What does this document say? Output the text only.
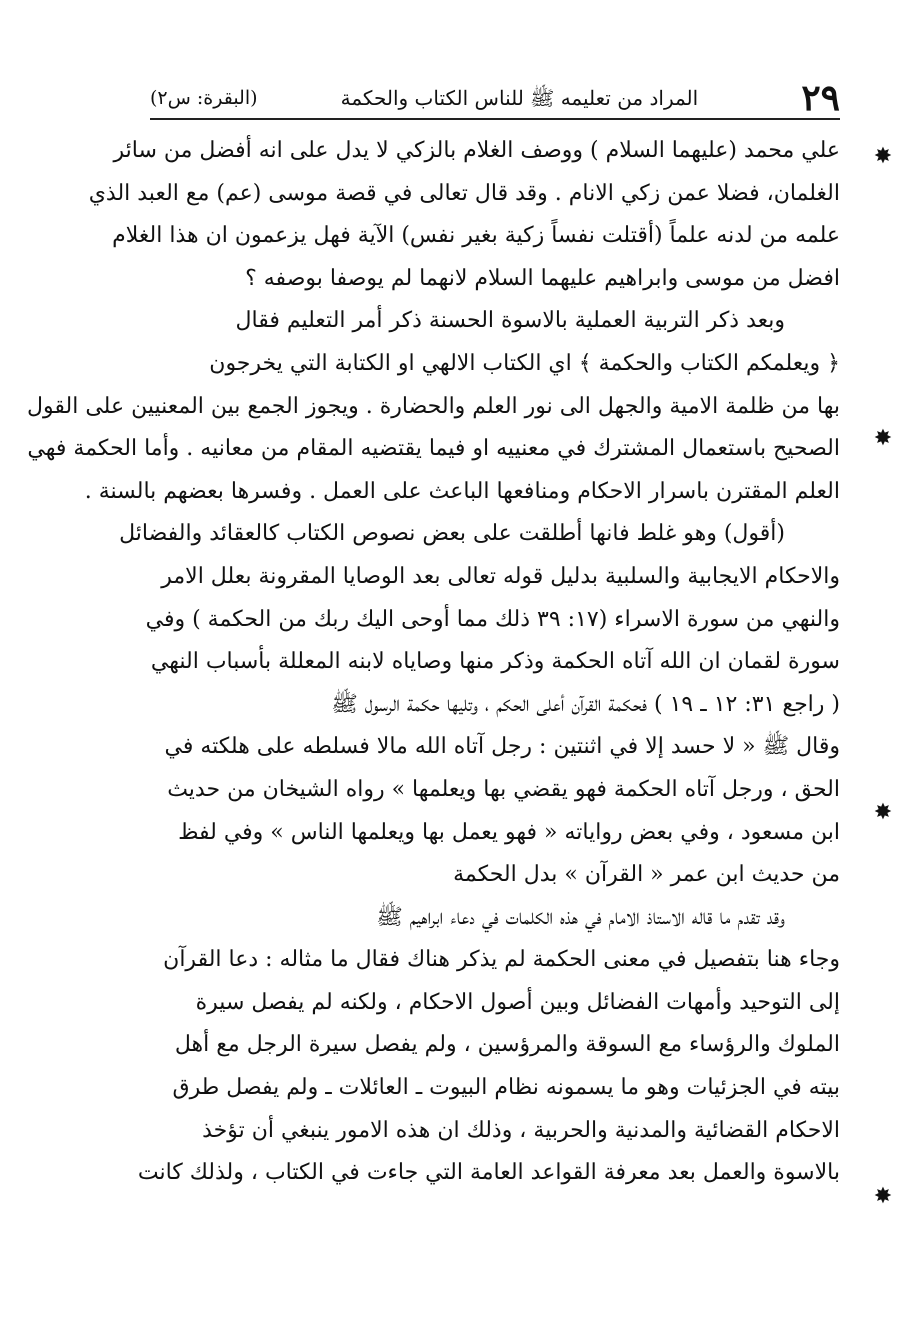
٢٩
المراد من تعليمه ﷺ للناس الكتاب والحكمة
(البقرة: س٢)
علي محمد (عليهما السلام ) ووصف الغلام بالزكي لا يدل على انه أفضل من سائر
الغلمان، فضلا عمن زكي الانام . وقد قال تعالى في قصة موسى (عم) مع العبد الذي
علمه من لدنه علماً (أقتلت نفساً زكية بغير نفس) الآية فهل يزعمون ان هذا الغلام
افضل من موسى وابراهيم عليهما السلام لانهما لم يوصفا بوصفه ؟
وبعد ذكر التربية العملية بالاسوة الحسنة ذكر أمر التعليم فقال
﴿ ويعلمكم الكتاب والحكمة ﴾ اي الكتاب الالهي او الكتابة التي يخرجون
بها من ظلمة الامية والجهل الى نور العلم والحضارة . ويجوز الجمع بين المعنيين على القول
الصحيح باستعمال المشترك في معنييه او فيما يقتضيه المقام من معانيه . وأما الحكمة فهي
العلم المقترن باسرار الاحكام ومنافعها الباعث على العمل . وفسرها بعضهم بالسنة .
(أقول) وهو غلط فانها أطلقت على بعض نصوص الكتاب كالعقائد والفضائل
والاحكام الايجابية والسلبية بدليل قوله تعالى بعد الوصايا المقرونة بعلل الامر
والنهي من سورة الاسراء (١٧: ٣٩ ذلك مما أوحى اليك ربك من الحكمة ) وفي
سورة لقمان ان الله آتاه الحكمة وذكر منها وصاياه لابنه المعللة بأسباب النهي
( راجع ٣١: ١٢ ـ ١٩ ) فحكمة القرآن أعلى الحكم ، وتليها حكمة الرسول ﷺ
وقال ﷺ « لا حسد إلا في اثنتين : رجل آتاه الله مالا فسلطه على هلكته في
الحق ، ورجل آتاه الحكمة فهو يقضي بها ويعلمها » رواه الشيخان من حديث
ابن مسعود ، وفي بعض رواياته « فهو يعمل بها ويعلمها الناس » وفي لفظ
من حديث ابن عمر « القرآن » بدل الحكمة
وقد تقدم ما قاله الاستاذ الامام في هذه الكلمات في دعاء ابراهيم ﷺ
وجاء هنا بتفصيل في معنى الحكمة لم يذكر هناك فقال ما مثاله : دعا القرآن
إلى التوحيد وأمهات الفضائل وبين أصول الاحكام ، ولكنه لم يفصل سيرة
الملوك والرؤساء مع السوقة والمرؤسين ، ولم يفصل سيرة الرجل مع أهل
بيته في الجزئيات وهو ما يسمونه نظام البيوت ـ العائلات ـ ولم يفصل طرق
الاحكام القضائية والمدنية والحربية ، وذلك ان هذه الامور ينبغي أن تؤخذ
بالاسوة والعمل بعد معرفة القواعد العامة التي جاءت في الكتاب ، ولذلك كانت
✸
✸
✸
✸
